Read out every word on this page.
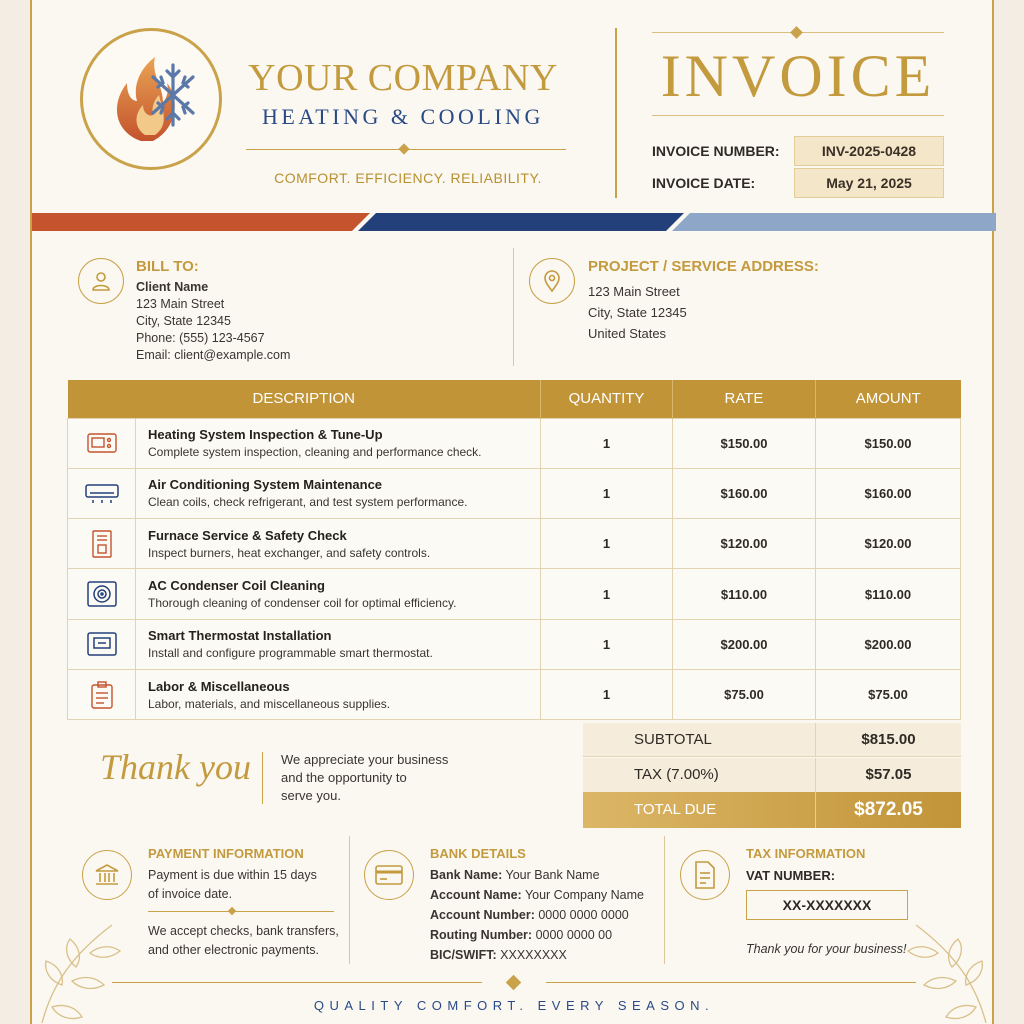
YOUR COMPANY
HEATING & COOLING
COMFORT. EFFICIENCY. RELIABILITY.
INVOICE
INVOICE NUMBER:	INV-2025-0428
INVOICE DATE:	May 21, 2025
BILL TO:
Client Name
123 Main Street
City, State 12345
Phone: (555) 123-4567
Email: client@example.com
PROJECT / SERVICE ADDRESS:
123 Main Street
City, State 12345
United States
DESCRIPTION		QUANTITY	RATE	AMOUNT

Heating System Inspection & Tune-Up
Complete system inspection, cleaning and performance check.	1	$150.00	$150.00

Air Conditioning System Maintenance
Clean coils, check refrigerant, and test system performance.	1	$160.00	$160.00

Furnace Service & Safety Check
Inspect burners, heat exchanger, and safety controls.	1	$120.00	$120.00

AC Condenser Coil Cleaning
Thorough cleaning of condenser coil for optimal efficiency.	1	$110.00	$110.00

Smart Thermostat Installation
Install and configure programmable smart thermostat.	1	$200.00	$200.00

Labor & Miscellaneous
Labor, materials, and miscellaneous supplies.	1	$75.00	$75.00
SUBTOTAL	$815.00
TAX (7.00%)	$57.05
TOTAL DUE	$872.05
Thank you We appreciate your business
and the opportunity to
serve you.
PAYMENT INFORMATION
Payment is due within 15 days
of invoice date.
We accept checks, bank transfers,
and other electronic payments.
BANK DETAILS
Bank Name: Your Bank Name
Account Name: Your Company Name
Account Number: 0000 0000 0000
Routing Number: 0000 0000 00
BIC/SWIFT: XXXXXXXX
TAX INFORMATION
VAT NUMBER:
XX-XXXXXXX
Thank you for your business!
QUALITY COMFORT. EVERY SEASON.
